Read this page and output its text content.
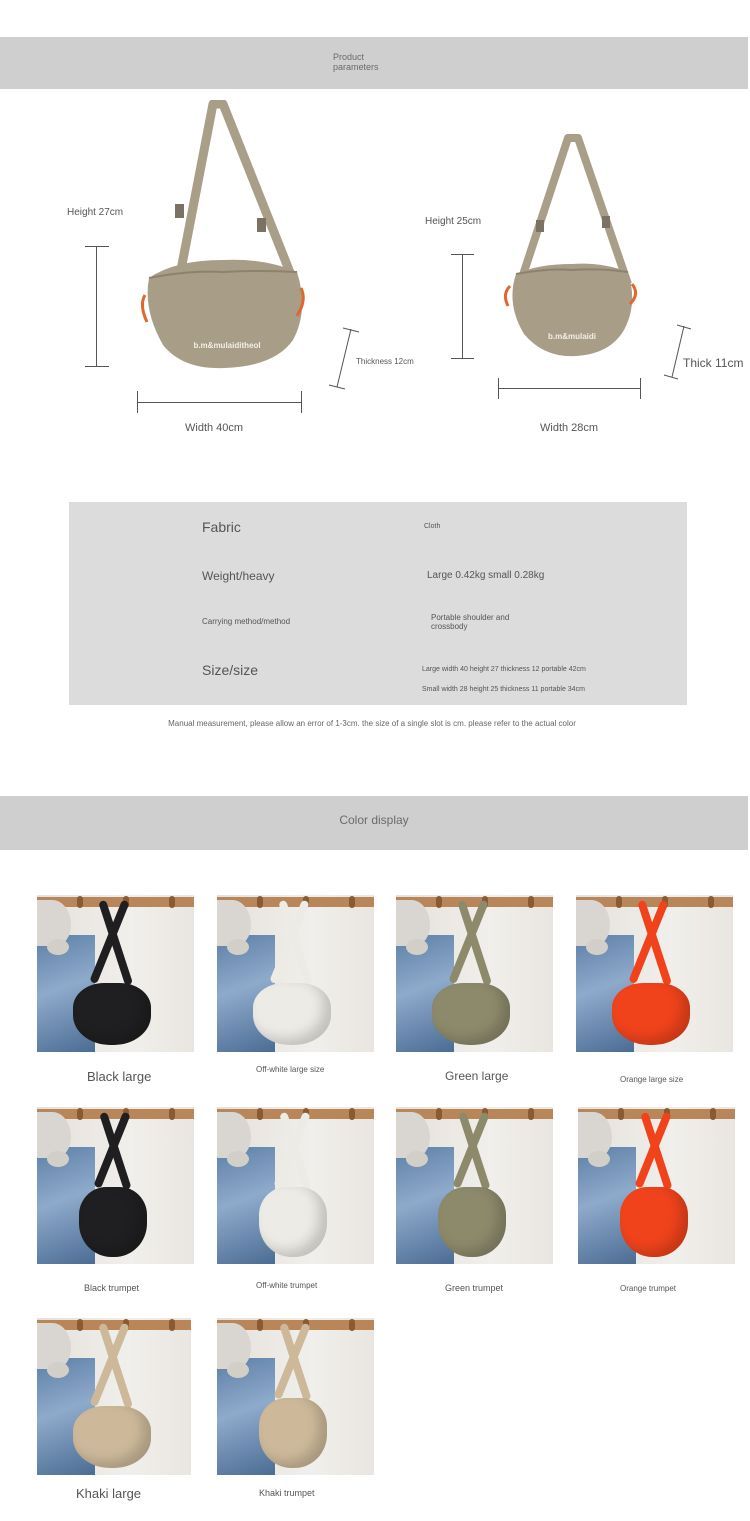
Product
parameters
b.m&mulaiditheol
Height 27cm
Width 40cm
Thickness 12cm
b.m&mulaidi
Height 25cm
Width 28cm
Thick 11cm
Fabric	Cloth
Weight/heavy	Large 0.42kg small 0.28kg
Carrying method/method	Portable shoulder and crossbody
Size/size	Large width 40 height 27 thickness 12 portable 42cm
Small width 28 height 25 thickness 11 portable 34cm
Manual measurement, please allow an error of 1-3cm. the size of a single slot is cm. please refer to the actual color
Color display
Black large	Off-white large size	Green large	Orange large size
Black trumpet	Off-white trumpet	Green trumpet	Orange trumpet
Khaki large	Khaki trumpet
